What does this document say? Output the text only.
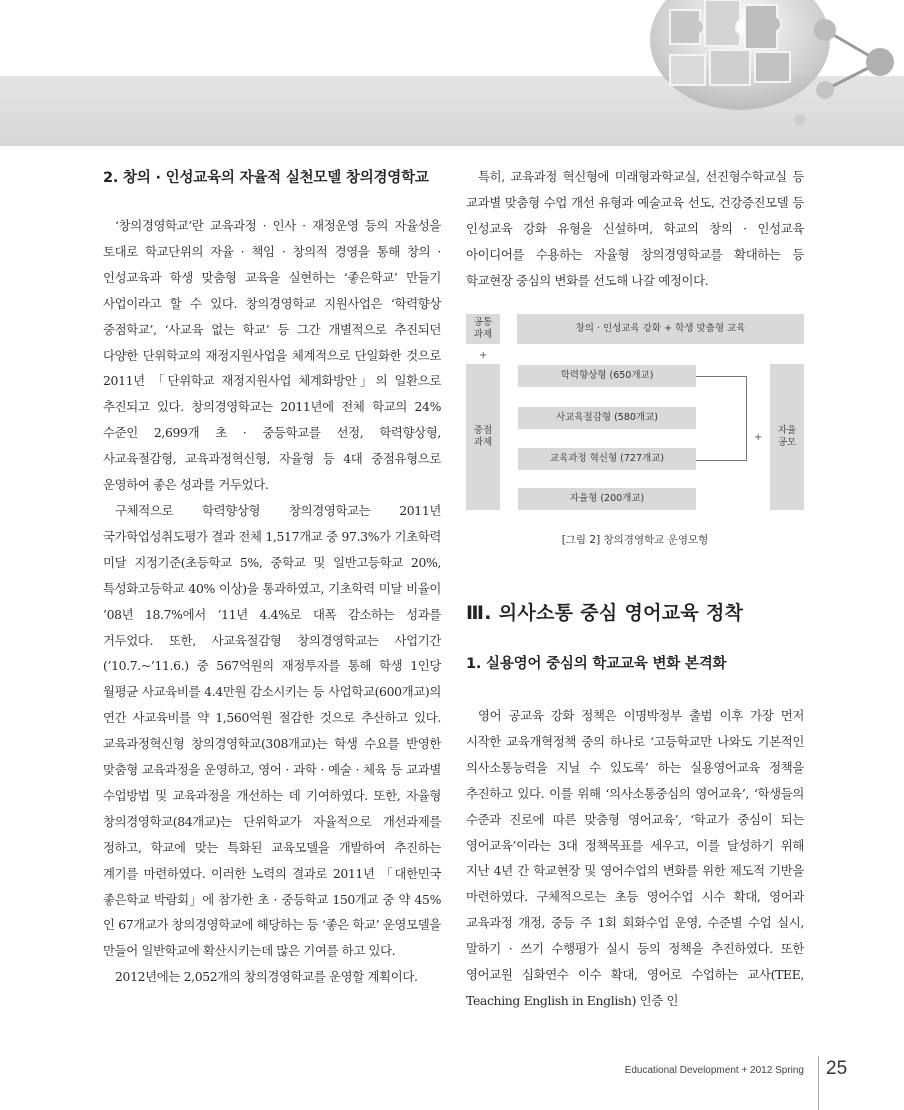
2. 창의 · 인성교육의 자율적 실천모델 창의경영학교

‘창의경영학교’란 교육과정 · 인사 · 재정운영 등의 자율성을 토대로 학교단위의 자율 · 책임 · 창의적 경영을 통해 창의 · 인성교육과 학생 맞춤형 교육을 실현하는 ‘좋은학교’ 만들기 사업이라고 할 수 있다. 창의경영학교 지원사업은 ‘학력향상 중점학교’, ‘사교육 없는 학교’ 등 그간 개별적으로 추진되던 다양한 단위학교의 재정지원사업을 체계적으로 단일화한 것으로 2011년 「단위학교 재정지원사업 체계화방안」의 일환으로 추진되고 있다. 창의경영학교는 2011년에 전체 학교의 24% 수준인 2,699개 초 · 중등학교를 선정, 학력향상형, 사교육절감형, 교육과정혁신형, 자율형 등 4대 중점유형으로 운영하여 좋은 성과를 거두었다.

구체적으로 학력향상형 창의경영학교는 2011년 국가학업성취도평가 결과 전체 1,517개교 중 97.3%가 기초학력 미달 지정기준(초등학교 5%, 중학교 및 일반고등학교 20%, 특성화고등학교 40% 이상)을 통과하였고, 기초학력 미달 비율이 ’08년 18.7%에서 ’11년 4.4%로 대폭 감소하는 성과를 거두었다. 또한, 사교육절감형 창의경영학교는 사업기간(’10.7.~’11.6.) 중 567억원의 재정투자를 통해 학생 1인당 월평균 사교육비를 4.4만원 감소시키는 등 사업학교(600개교)의 연간 사교육비를 약 1,560억원 절감한 것으로 추산하고 있다. 교육과정혁신형 창의경영학교(308개교)는 학생 수요를 반영한 맞춤형 교육과정을 운영하고, 영어 · 과학 · 예술 · 체육 등 교과별 수업방법 및 교육과정을 개선하는 데 기여하였다. 또한, 자율형 창의경영학교(84개교)는 단위학교가 자율적으로 개선과제를 정하고, 학교에 맞는 특화된 교육모델을 개발하여 추진하는 계기를 마련하였다. 이러한 노력의 결과로 2011년 「대한민국 좋은학교 박람회」에 참가한 초 · 중등학교 150개교 중 약 45%인 67개교가 창의경영학교에 해당하는 등 ‘좋은 학교’ 운영모델을 만들어 일반학교에 확산시키는데 많은 기여를 하고 있다.

2012년에는 2,052개의 창의경영학교를 운영할 계획이다.

특히, 교육과정 혁신형에 미래형과학교실, 선진형수학교실 등 교과별 맞춤형 수업 개선 유형과 예술교육 선도, 건강증진모델 등 인성교육 강화 유형을 신설하며, 학교의 창의 · 인성교육 아이디어를 수용하는 자율형 창의경영학교를 확대하는 등 학교현장 중심의 변화를 선도해 나갈 예정이다.

공통
과제
창의 · 인성교육 강화 + 학생 맞춤형 교육
+
중점
과제
학력향상형 (650개교)
사교육절감형 (580개교)
교육과정 혁신형 (727개교)
자율형 (200개교)
+
자율
공모
[그림 2] 창의경영학교 운영모형
Ⅲ. 의사소통 중심 영어교육 정착
1. 실용영어 중심의 학교교육 변화 본격화

영어 공교육 강화 정책은 이명박정부 출범 이후 가장 먼저 시작한 교육개혁정책 중의 하나로 ‘고등학교만 나와도 기본적인 의사소통능력을 지닐 수 있도록’ 하는 실용영어교육 정책을 추진하고 있다. 이를 위해 ‘의사소통중심의 영어교육’, ‘학생들의 수준과 진로에 따른 맞춤형 영어교육’, ‘학교가 중심이 되는 영어교육’이라는 3대 정책목표를 세우고, 이를 달성하기 위해 지난 4년 간 학교현장 및 영어수업의 변화를 위한 제도적 기반을 마련하였다. 구체적으로는 초등 영어수업 시수 확대, 영어과 교육과정 개정, 중등 주 1회 회화수업 운영, 수준별 수업 실시, 말하기 · 쓰기 수행평가 실시 등의 정책을 추진하였다. 또한 영어교원 심화연수 이수 확대, 영어로 수업하는 교사(TEE, Teaching English in English) 인증 인

Educational Development + 2012 Spring 25
